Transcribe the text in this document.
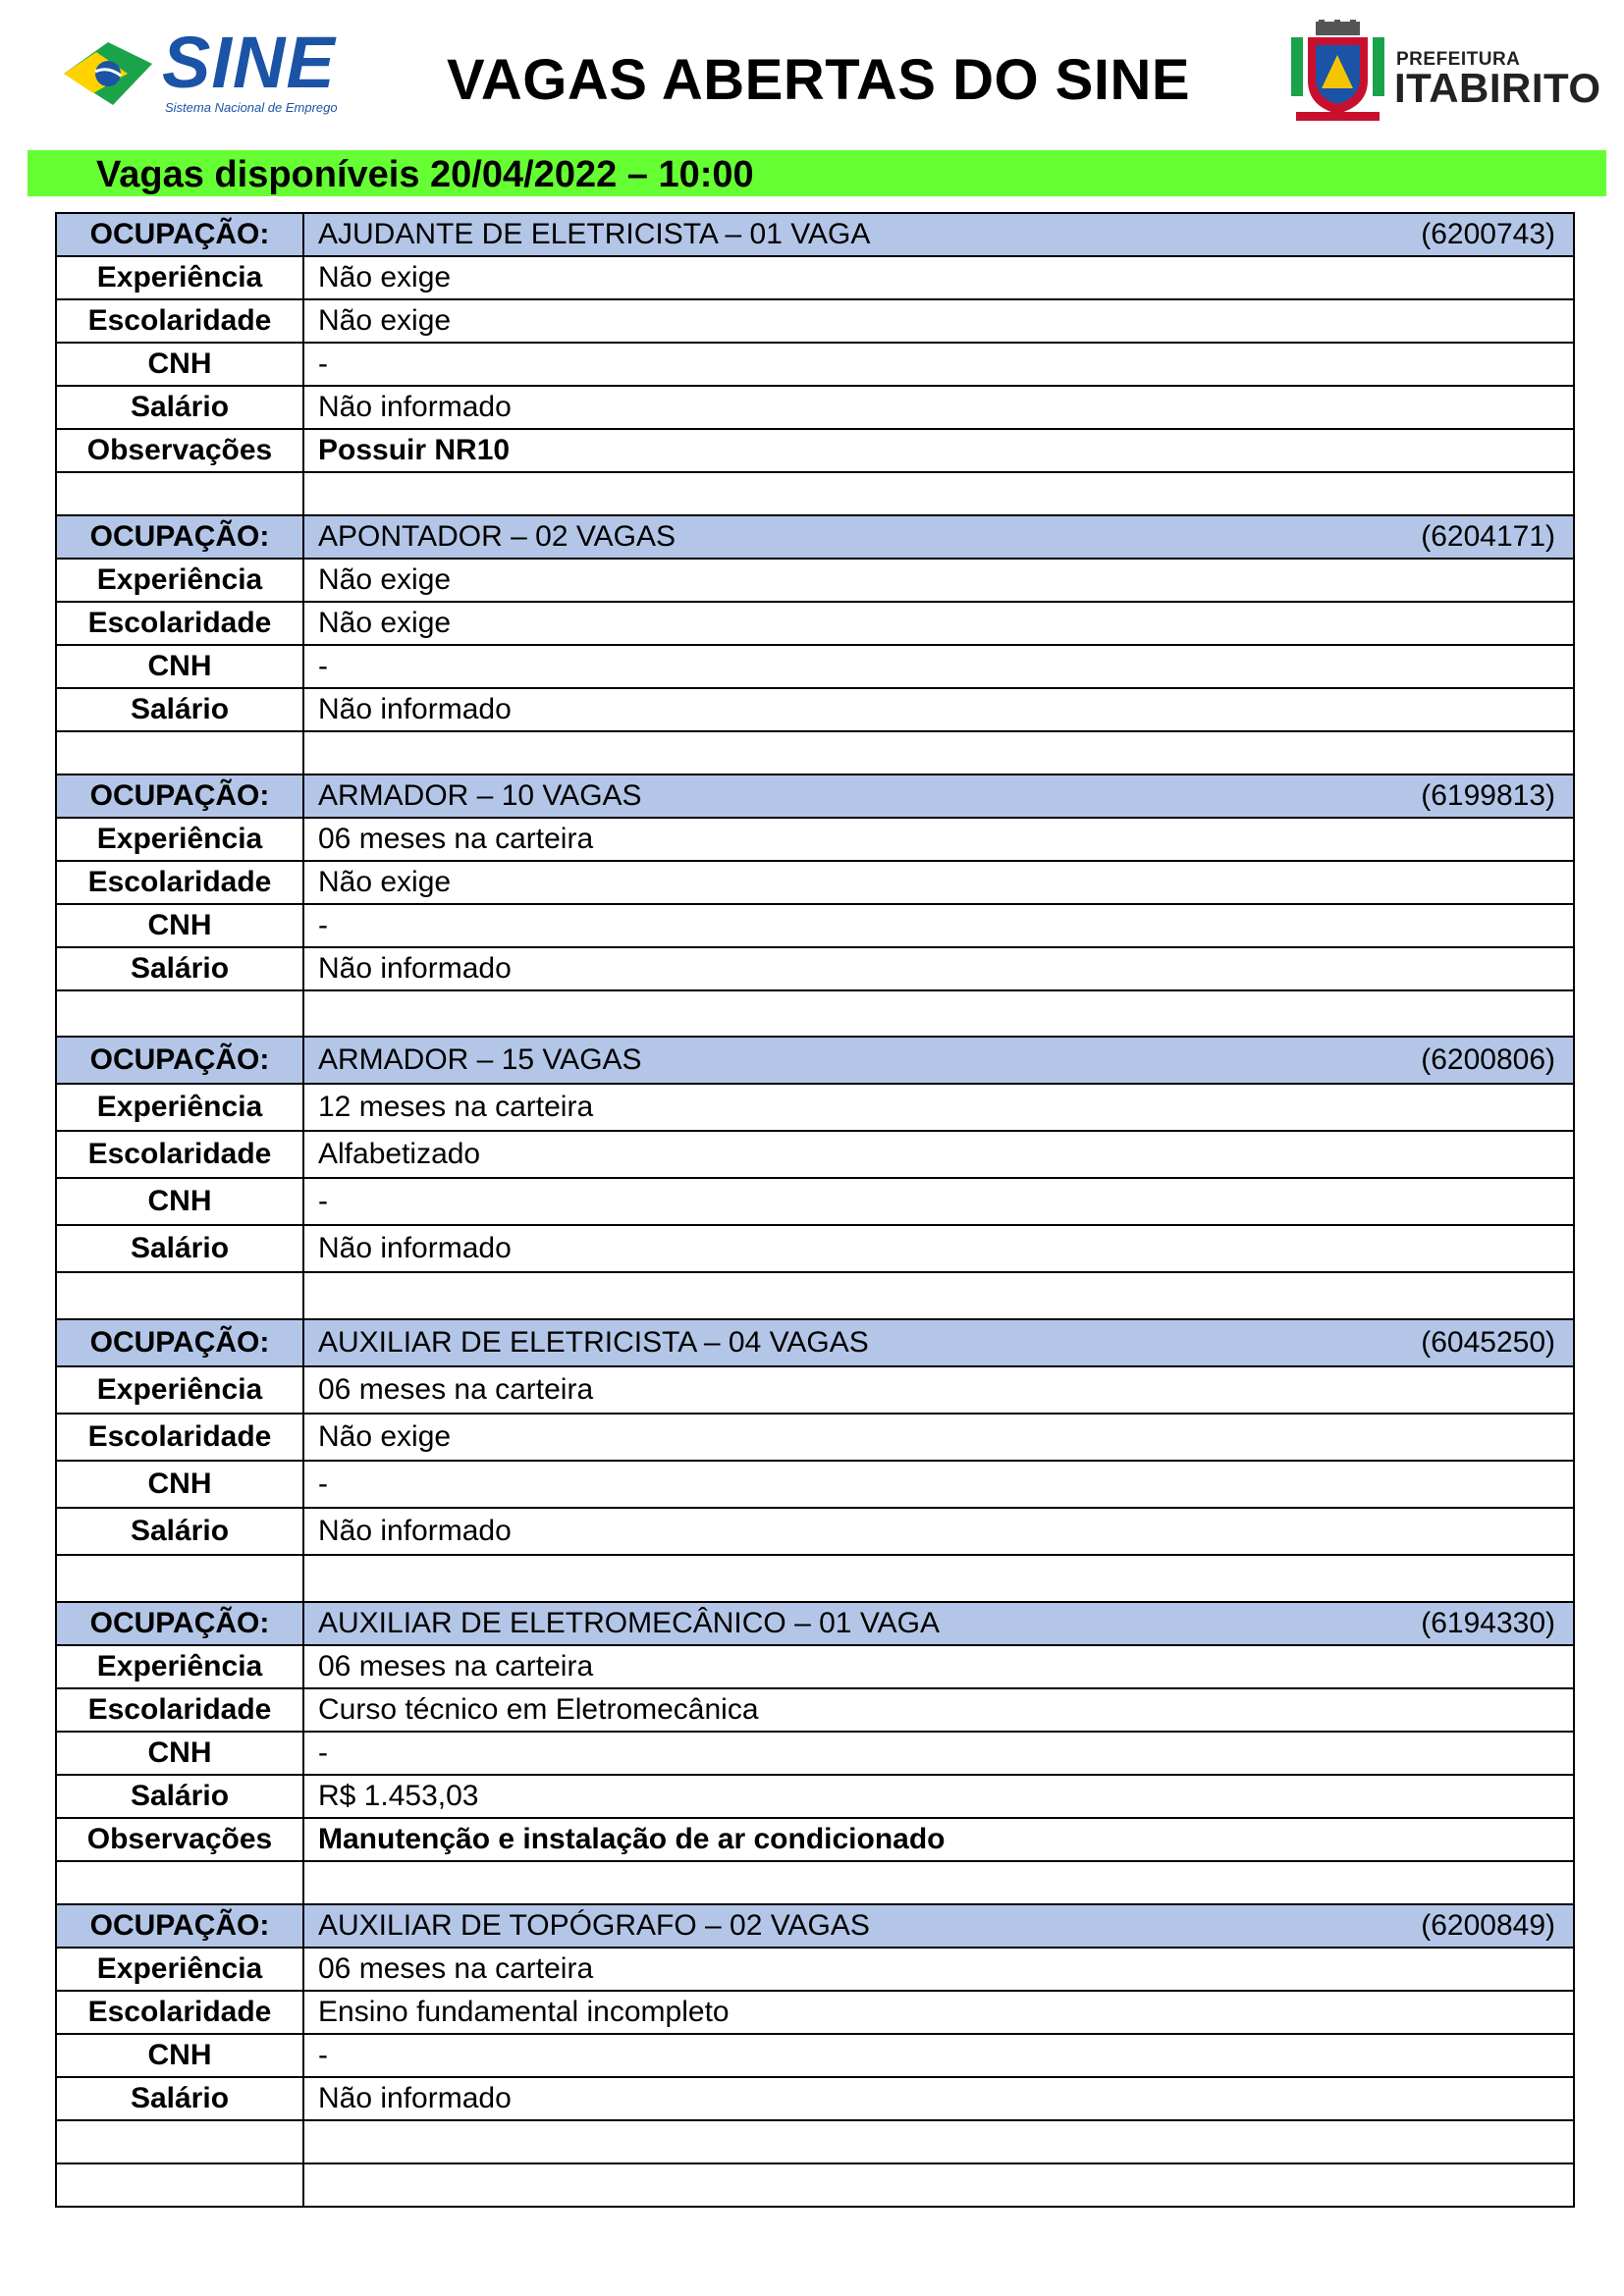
SINE
Sistema Nacional de Emprego VAGAS ABERTAS DO SINE	PREFEITURA
ITABIRITO
Vagas disponíveis 20/04/2022 – 10:00
OCUPAÇÃO:	AJUDANTE DE ELETRICISTA – 01 VAGA (6200743)

Experiência	Não exige
Escolaridade	Não exige
CNH	-
Salário	Não informado
Observações	Possuir NR10

OCUPAÇÃO:	APONTADOR – 02 VAGAS (6204171)

Experiência	Não exige
Escolaridade	Não exige
CNH	-
Salário	Não informado

OCUPAÇÃO:	ARMADOR – 10 VAGAS (6199813)

Experiência	06 meses na carteira
Escolaridade	Não exige
CNH	-
Salário	Não informado

OCUPAÇÃO:	ARMADOR – 15 VAGAS (6200806)

Experiência	12 meses na carteira
Escolaridade	Alfabetizado
CNH	-
Salário	Não informado

OCUPAÇÃO:	AUXILIAR DE ELETRICISTA – 04 VAGAS (6045250)

Experiência	06 meses na carteira
Escolaridade	Não exige
CNH	-
Salário	Não informado

OCUPAÇÃO:	AUXILIAR DE ELETROMECÂNICO – 01 VAGA (6194330)

Experiência	06 meses na carteira
Escolaridade	Curso técnico em Eletromecânica
CNH	-
Salário	R$ 1.453,03
Observações	Manutenção e instalação de ar condicionado

OCUPAÇÃO:	AUXILIAR DE TOPÓGRAFO – 02 VAGAS (6200849)

Experiência	06 meses na carteira
Escolaridade	Ensino fundamental incompleto
CNH	-
Salário	Não informado
